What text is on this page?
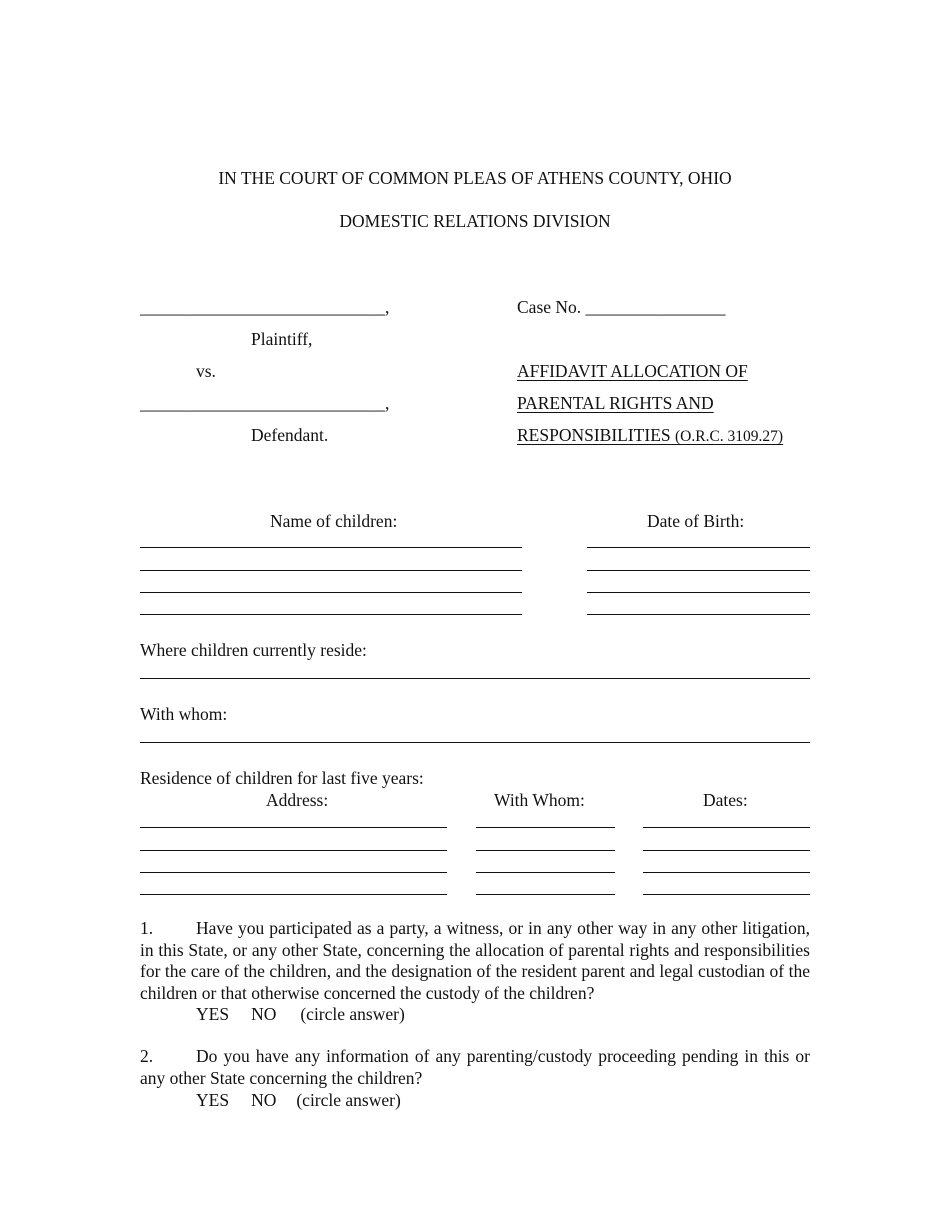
IN THE COURT OF COMMON PLEAS OF ATHENS COUNTY, OHIO
DOMESTIC RELATIONS DIVISION
____________________________,
Plaintiff,
vs.
____________________________,
Defendant.
Case No. ________________
AFFIDAVIT ALLOCATION OF
PARENTAL RIGHTS AND
RESPONSIBILITIES (O.R.C. 3109.27)
Name of children:	Date of Birth:
Where children currently reside:
With whom:
Residence of children for last five years:
Address:	With Whom:	Dates:
1. Have you participated as a party, a witness, or in any other way in any other litigation, in this State, or any other State, concerning the allocation of parental rights and responsibilities for the care of the children, and the designation of the resident parent and legal custodian of the children or that otherwise concerned the custody of the children?
YES NO (circle answer)
2. Do you have any information of any parenting/custody proceeding pending in this or any other State concerning the children?
YES NO (circle answer)
